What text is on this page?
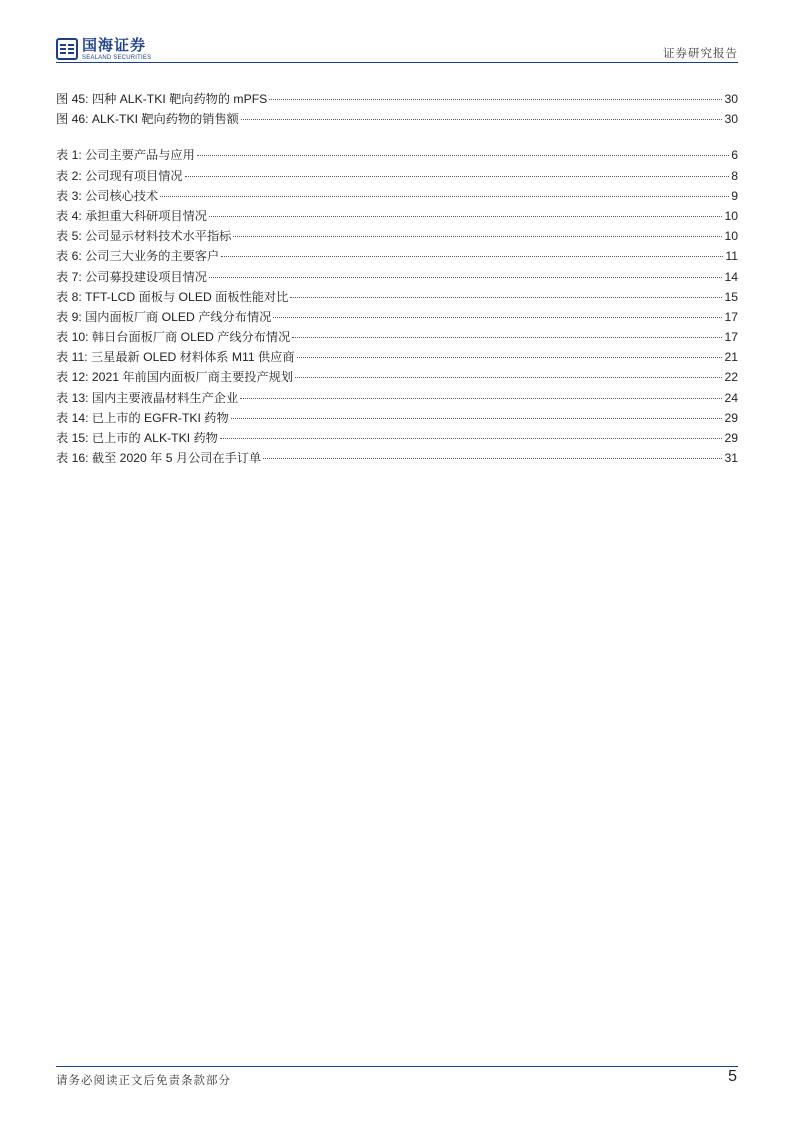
国海证券
SEALAND SECURITIES	证券研究报告
图 45: 四种 ALK-TKI 靶向药物的 mPFS	30
图 46: ALK-TKI 靶向药物的销售额	30
表 1: 公司主要产品与应用	6
表 2: 公司现有项目情况	8
表 3: 公司核心技术	9
表 4: 承担重大科研项目情况	10
表 5: 公司显示材料技术水平指标	10
表 6: 公司三大业务的主要客户	11
表 7: 公司募投建设项目情况	14
表 8: TFT-LCD 面板与 OLED 面板性能对比	15
表 9: 国内面板厂商 OLED 产线分布情况	17
表 10: 韩日台面板厂商 OLED 产线分布情况	17
表 11: 三星最新 OLED 材料体系 M11 供应商	21
表 12: 2021 年前国内面板厂商主要投产规划	22
表 13: 国内主要液晶材料生产企业	24
表 14: 已上市的 EGFR-TKI 药物	29
表 15: 已上市的 ALK-TKI 药物	29
表 16: 截至 2020 年 5 月公司在手订单	31
请务必阅读正文后免责条款部分	5
